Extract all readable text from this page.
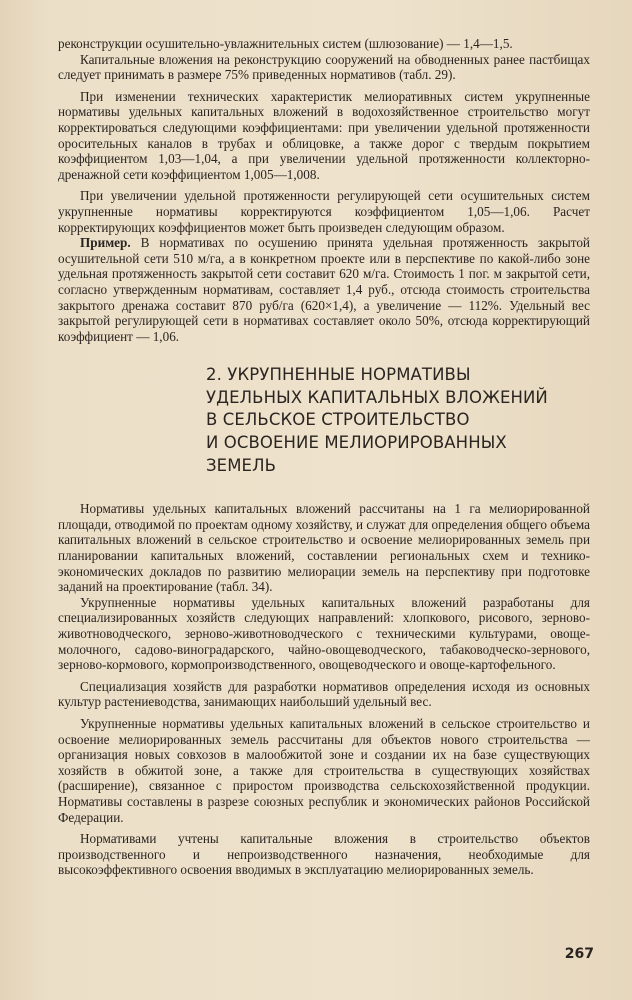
реконструкции осушительно-увлажнительных систем (шлюзование) — 1,4—1,5.

Капитальные вложения на реконструкцию сооружений на обводненных ранее пастбищах следует принимать в размере 75% приведенных нормативов (табл. 29).

При изменении технических характеристик мелиоративных систем укрупненные нормативы удельных капитальных вложений в водохозяйственное строительство могут корректироваться следующими коэффициентами: при увеличении удельной протяженности оросительных каналов в трубах и облицовке, а также дорог с твердым покрытием коэффициентом 1,03—1,04, а при увеличении удельной протяженности коллекторно-дренажной сети коэффициентом 1,005—1,008.

При увеличении удельной протяженности регулирующей сети осушительных систем укрупненные нормативы корректируются коэффициентом 1,05—1,06. Расчет корректирующих коэффициентов может быть произведен следующим образом.

Пример. В нормативах по осушению принята удельная протяженность закрытой осушительной сети 510 м/га, а в конкретном проекте или в перспективе по какой-либо зоне удельная протяженность закрытой сети составит 620 м/га. Стоимость 1 пог. м закрытой сети, согласно утвержденным нормативам, составляет 1,4 руб., отсюда стоимость строительства закрытого дренажа составит 870 руб/га (620×1,4), а увеличение — 112%. Удельный вес закрытой регулирующей сети в нормативах составляет около 50%, отсюда корректирующий коэффициент — 1,06.

2. УКРУПНЕННЫЕ НОРМАТИВЫ
УДЕЛЬНЫХ КАПИТАЛЬНЫХ ВЛОЖЕНИЙ
В СЕЛЬСКОЕ СТРОИТЕЛЬСТВО
И ОСВОЕНИЕ МЕЛИОРИРОВАННЫХ
ЗЕМЕЛЬ

Нормативы удельных капитальных вложений рассчитаны на 1 га мелиорированной площади, отводимой по проектам одному хозяйству, и служат для определения общего объема капитальных вложений в сельское строительство и освоение мелиорированных земель при планировании капитальных вложений, составлении региональных схем и технико-экономических докладов по развитию мелиорации земель на перспективу при подготовке заданий на проектирование (табл. 34).

Укрупненные нормативы удельных капитальных вложений разработаны для специализированных хозяйств следующих направлений: хлопкового, рисового, зерново-животноводческого, зерново-животноводческого с техническими культурами, овоще-молочного, садово-виноградарского, чайно-овощеводческого, табаководческо-зернового, зерново-кормового, кормопроизводственного, овощеводческого и овоще-картофельного.

Специализация хозяйств для разработки нормативов определения исходя из основных культур растениеводства, занимающих наибольший удельный вес.

Укрупненные нормативы удельных капитальных вложений в сельское строительство и освоение мелиорированных земель рассчитаны для объектов нового строительства — организация новых совхозов в малообжитой зоне и создании их на базе существующих хозяйств в обжитой зоне, а также для строительства в существующих хозяйствах (расширение), связанное с приростом производства сельскохозяйственной продукции. Нормативы составлены в разрезе союзных республик и экономических районов Российской Федерации.

Нормативами учтены капитальные вложения в строительство объектов производственного и непроизводственного назначения, необходимые для высокоэффективного освоения вводимых в эксплуатацию мелиорированных земель.

267
